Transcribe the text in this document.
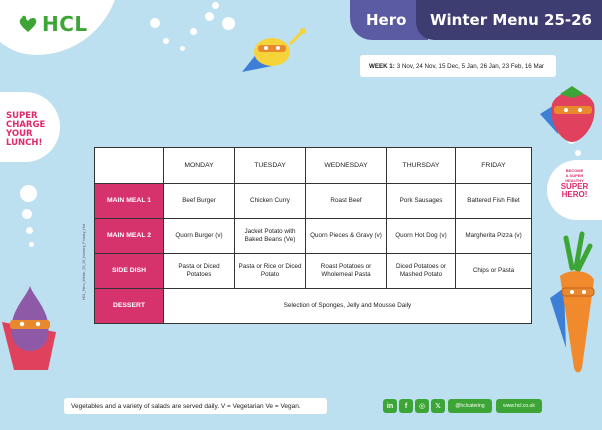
HCL	Hero Winter Menu 25-26
WEEK 1: 3 Nov, 24 Nov, 15 Dec, 5 Jan, 26 Jan, 23 Feb, 16 Mar
SUPER
CHARGE
YOUR
LUNCH!
BECOME
A SUPER
HEALTHY
SUPER
HERO!
HCL_Hero_Winter_25_26_Nursery_Primary_Hot
	MONDAY	TUESDAY	WEDNESDAY	THURSDAY	FRIDAY
MAIN MEAL 1	Beef Burger	Chicken Curry	Roast Beef	Pork Sausages	Battered Fish Fillet
MAIN MEAL 2	Quorn Burger (v)	Jacket Potato with Baked Beans (Ve)	Quorn Pieces & Gravy (v)	Quorn Hot Dog (v)	Margherita Pizza (v)
SIDE DISH	Pasta or Diced Potatoes	Pasta or Rice or Diced Potato	Roast Potatoes or Wholemeal Pasta	Diced Potatoes or Mashed Potato	Chips or Pasta
DESSERT	Selection of Sponges, Jelly and Mousse Daily				
Vegetables and a variety of salads are served daily. V = Vegetarian Ve = Vegan.	in	f	◎	𝕏	@hclcatering	www.hcl.co.uk
